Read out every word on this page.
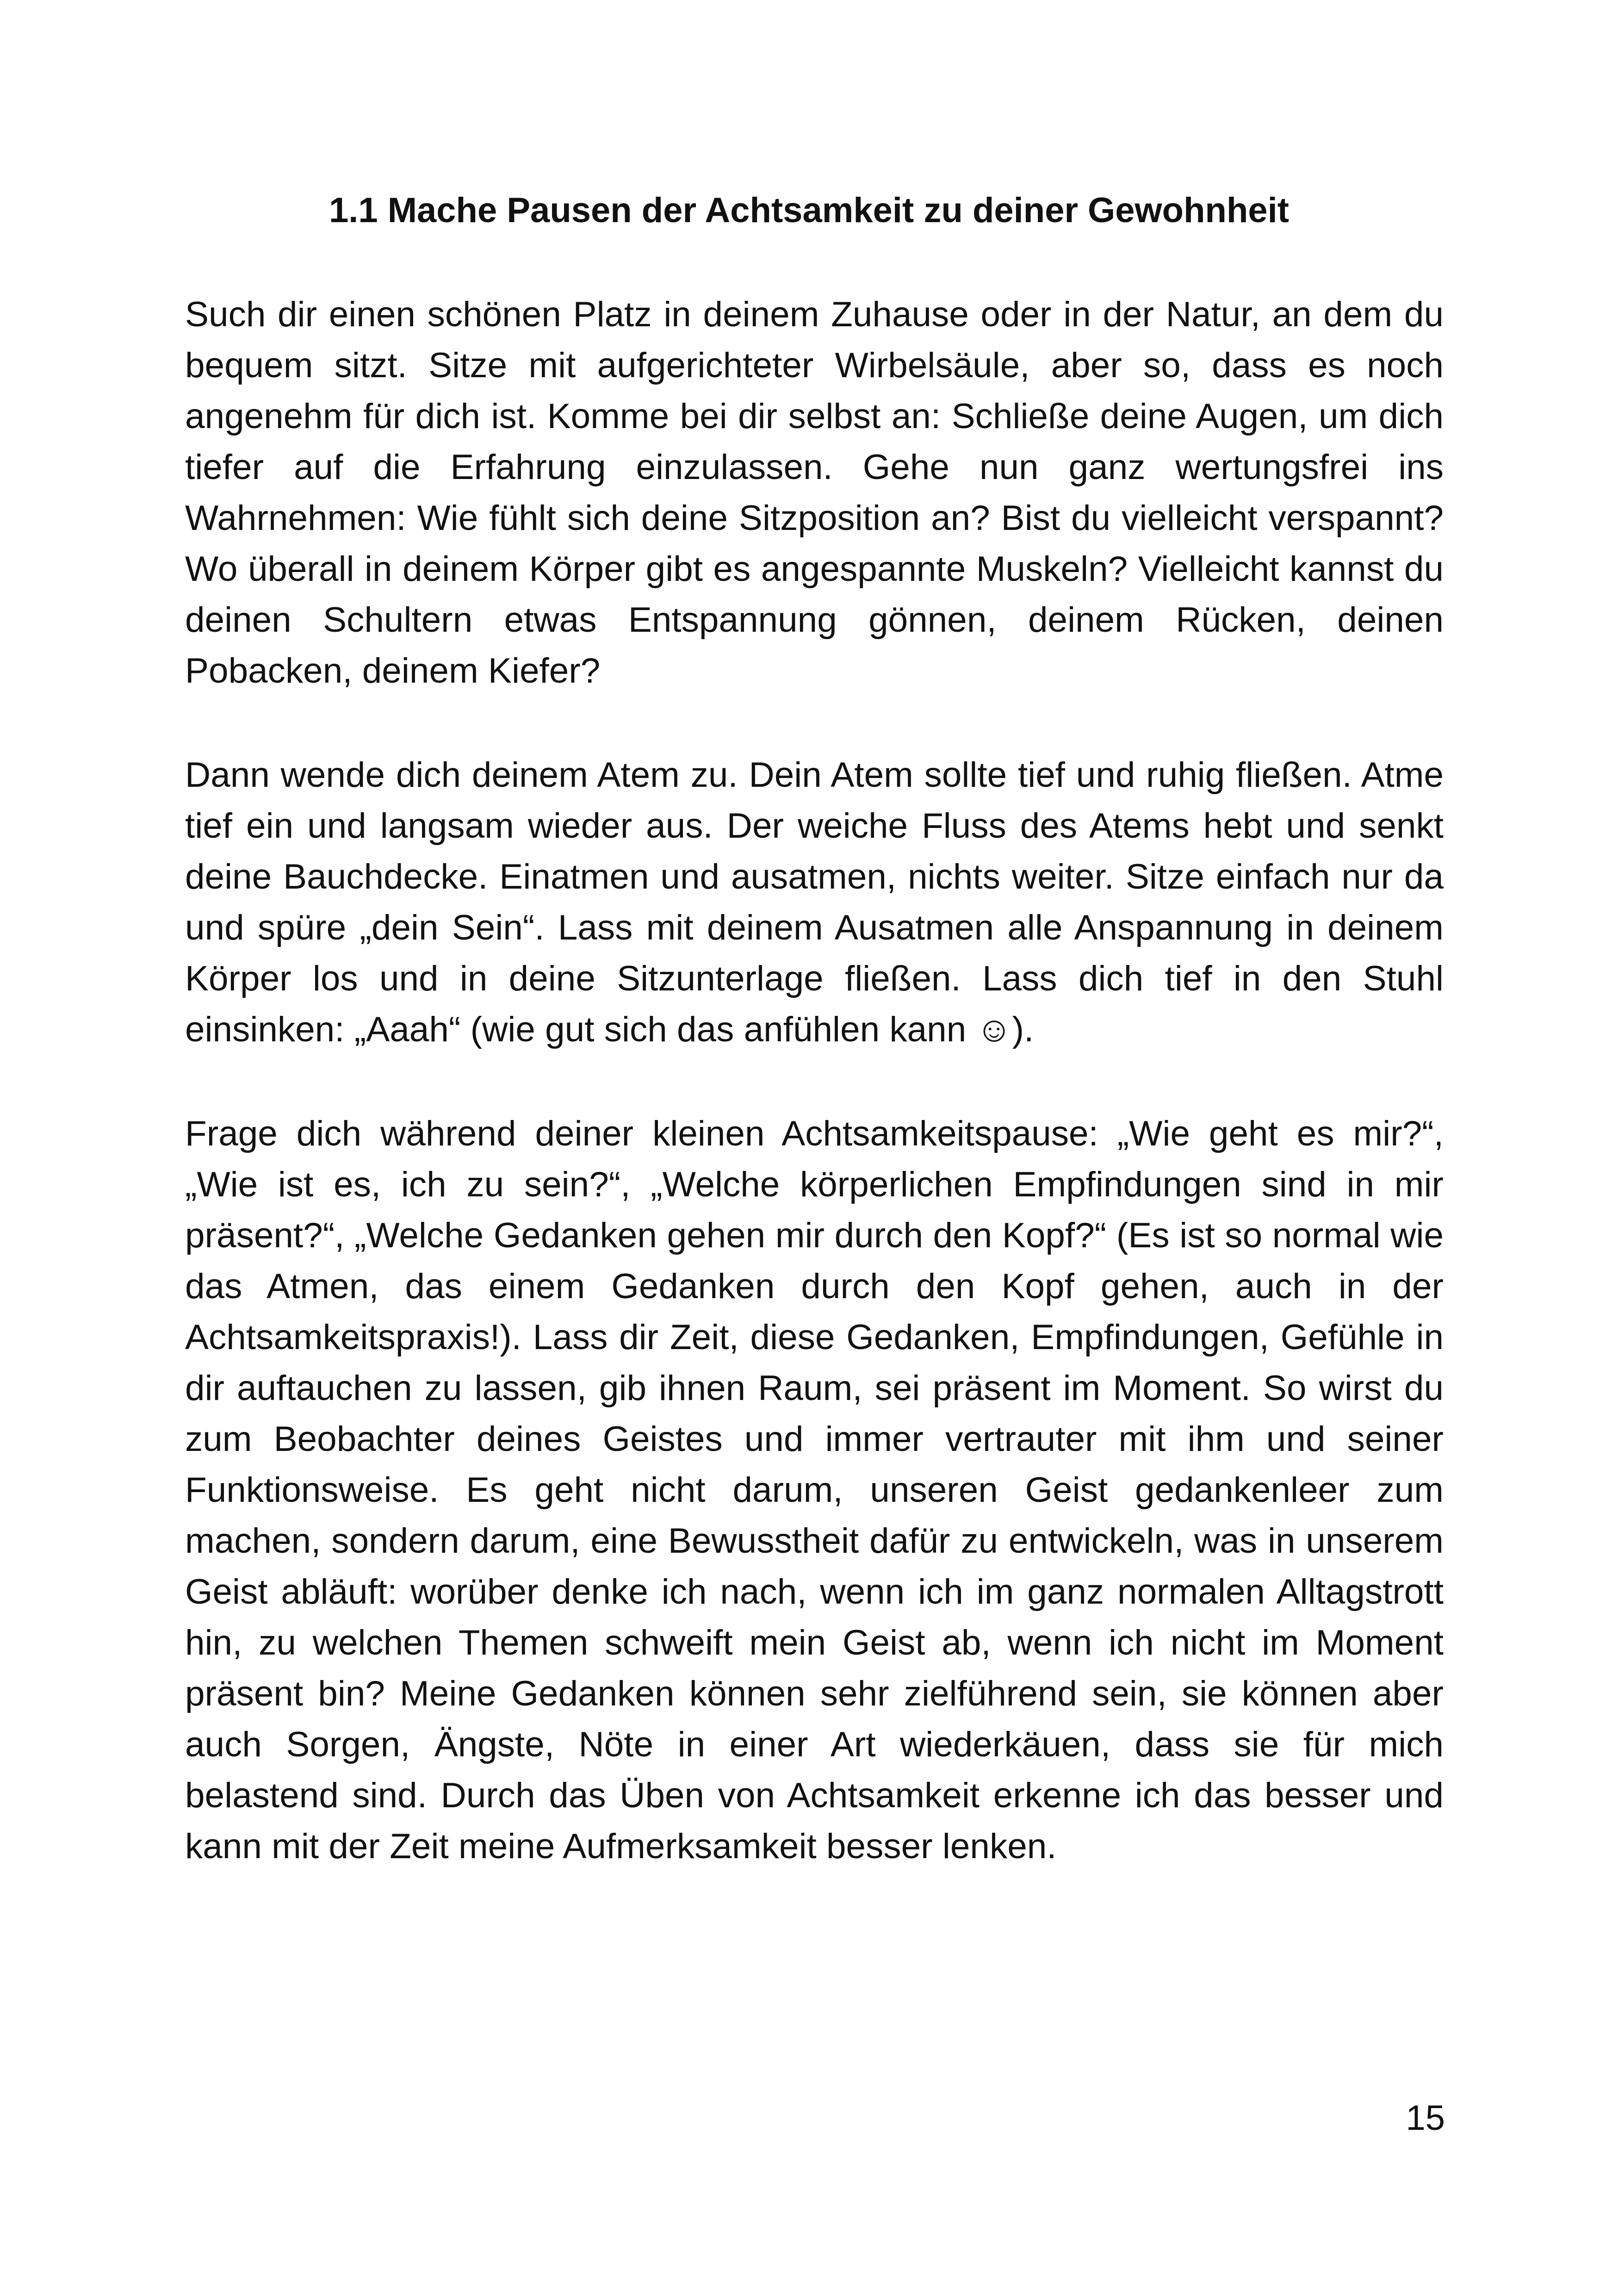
1.1 Mache Pausen der Achtsamkeit zu deiner Gewohnheit

Such dir einen schönen Platz in deinem Zuhause oder in der Natur, an dem du bequem sitzt. Sitze mit aufgerichteter Wirbelsäule, aber so, dass es noch angenehm für dich ist. Komme bei dir selbst an: Schließe deine Augen, um dich tiefer auf die Erfahrung einzulassen. Gehe nun ganz wertungsfrei ins Wahrnehmen: Wie fühlt sich deine Sitzposition an? Bist du vielleicht verspannt? Wo überall in deinem Körper gibt es angespannte Muskeln? Vielleicht kannst du deinen Schultern etwas Entspannung gönnen, deinem Rücken, deinen Pobacken, deinem Kiefer?

Dann wende dich deinem Atem zu. Dein Atem sollte tief und ruhig fließen. Atme tief ein und langsam wieder aus. Der weiche Fluss des Atems hebt und senkt deine Bauchdecke. Einatmen und ausatmen, nichts weiter. Sitze einfach nur da und spüre „dein Sein“. Lass mit deinem Ausatmen alle Anspannung in deinem Körper los und in deine Sitzunterlage fließen. Lass dich tief in den Stuhl einsinken: „Aaah“ (wie gut sich das anfühlen kann ☺).

Frage dich während deiner kleinen Achtsamkeitspause: „Wie geht es mir?“, „Wie ist es, ich zu sein?“, „Welche körperlichen Empfindungen sind in mir präsent?“, „Welche Gedanken gehen mir durch den Kopf?“ (Es ist so normal wie das Atmen, das einem Gedanken durch den Kopf gehen, auch in der Achtsamkeitspraxis!). Lass dir Zeit, diese Gedanken, Empfindungen, Gefühle in dir auftauchen zu lassen, gib ihnen Raum, sei präsent im Moment. So wirst du zum Beobachter deines Geistes und immer vertrauter mit ihm und seiner Funktionsweise. Es geht nicht darum, unseren Geist gedankenleer zum machen, sondern darum, eine Bewusstheit dafür zu entwickeln, was in unserem Geist abläuft: worüber denke ich nach, wenn ich im ganz normalen Alltagstrott hin, zu welchen Themen schweift mein Geist ab, wenn ich nicht im Moment präsent bin? Meine Gedanken können sehr zielführend sein, sie können aber auch Sorgen, Ängste, Nöte in einer Art wiederkäuen, dass sie für mich belastend sind. Durch das Üben von Achtsamkeit erkenne ich das besser und kann mit der Zeit meine Aufmerksamkeit besser lenken.

15
